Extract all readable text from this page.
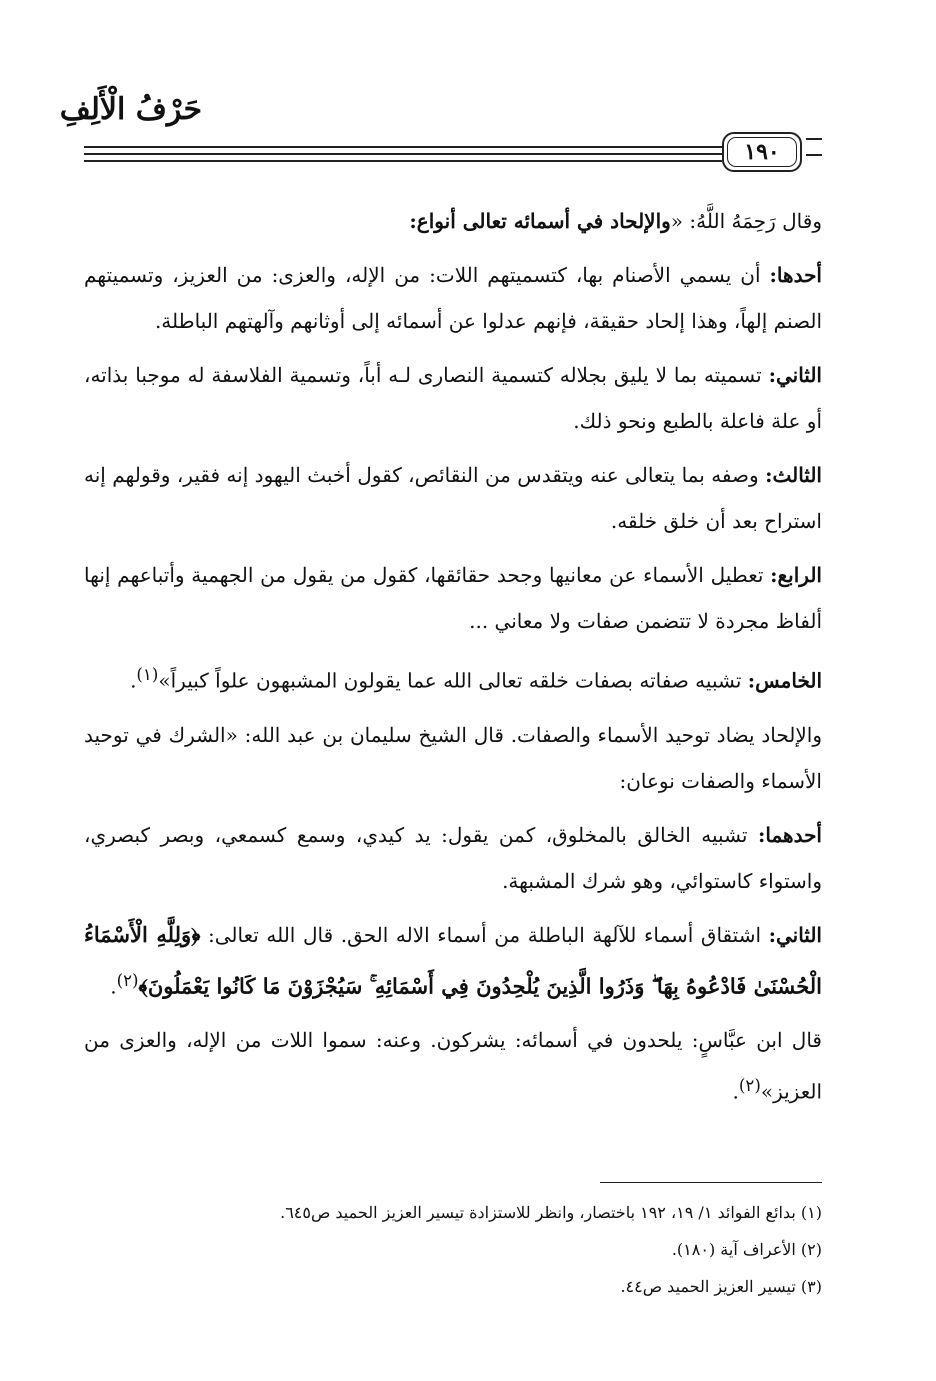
حَرْفُ الْأَلِفِ
١٩٠

وقال رَحِمَهُ اللَّهُ: «والإلحاد في أسمائه تعالى أنواع:

أحدها: أن يسمي الأصنام بها، كتسميتهم اللات: من الإله، والعزى: من العزيز، وتسميتهم الصنم إلهاً، وهذا إلحاد حقيقة، فإنهم عدلوا عن أسمائه إلى أوثانهم وآلهتهم الباطلة.

الثاني: تسميته بما لا يليق بجلاله كتسمية النصارى لـه أباً، وتسمية الفلاسفة له موجبا بذاته، أو علة فاعلة بالطبع ونحو ذلك.

الثالث: وصفه بما يتعالى عنه ويتقدس من النقائص، كقول أخبث اليهود إنه فقير، وقولهم إنه استراح بعد أن خلق خلقه.

الرابع: تعطيل الأسماء عن معانيها وجحد حقائقها، كقول من يقول من الجهمية وأتباعهم إنها ألفاظ مجردة لا تتضمن صفات ولا معاني ...

الخامس: تشبيه صفاته بصفات خلقه تعالى الله عما يقولون المشبهون علواً كبيراً»$^{(١)}$.

والإلحاد يضاد توحيد الأسماء والصفات. قال الشيخ سليمان بن عبد الله: «الشرك في توحيد الأسماء والصفات نوعان:

أحدهما: تشبيه الخالق بالمخلوق، كمن يقول: يد كيدي، وسمع كسمعي، وبصر كبصري، واستواء كاستوائي، وهو شرك المشبهة.

الثاني: اشتقاق أسماء للآلهة الباطلة من أسماء الاله الحق. قال الله تعالى: ﴿وَلِلَّهِ الْأَسْمَاءُ الْحُسْنَىٰ فَادْعُوهُ بِهَا ۖ وَذَرُوا الَّذِينَ يُلْحِدُونَ فِي أَسْمَائِهِ ۚ سَيُجْزَوْنَ مَا كَانُوا يَعْمَلُونَ﴾$^{(٢)}$.

قال ابن عبَّاسٍ: يلحدون في أسمائه: يشركون. وعنه: سموا اللات من الإله، والعزى من العزيز»$^{(٢)}$.

(١) بدائع الفوائد ١/ ١٩، ١٩٢ باختصار، وانظر للاستزادة تيسير العزيز الحميد ص٦٤٥.
(٢) الأعراف آية (١٨٠).
(٣) تيسير العزيز الحميد ص٤٤.
